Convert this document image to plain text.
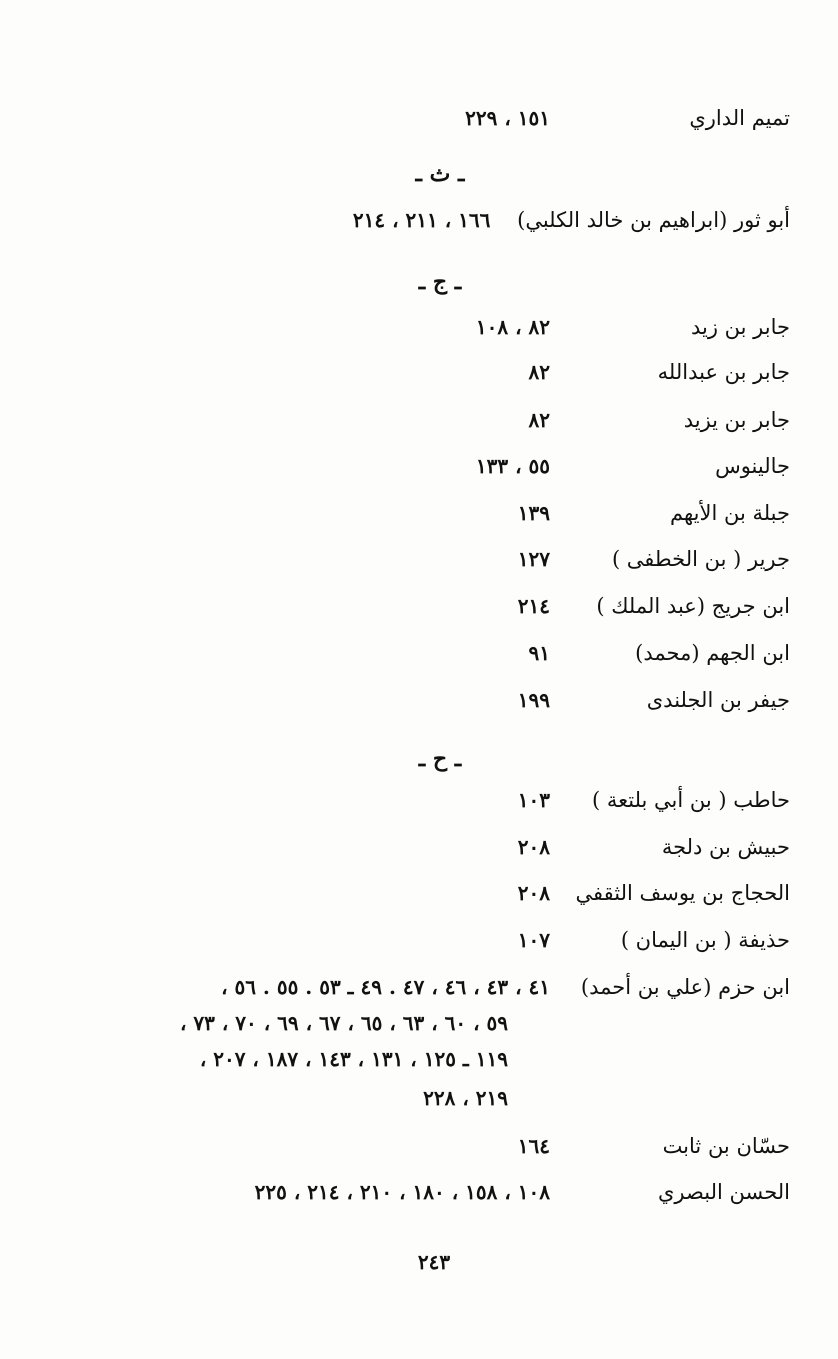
تميم الداري
١٥١ ، ٢٢٩
ـ ث ـ
أبو ثور (ابراهيم بن خالد الكلبي)    ١٦٦ ، ٢١١ ، ٢١٤
ـ ج ـ
جابر بن زيد
٨٢ ، ١٠٨
جابر بن عبدالله
٨٢
جابر بن يزيد
٨٢
جالينوس
٥٥ ، ١٣٣
جبلة بن الأيهم
١٣٩
جرير ( بن الخطفى )
١٢٧
ابن جريج (عبد الملك )
٢١٤
ابن الجهم (محمد)
٩١
جيفر بن الجلندى
١٩٩
ـ ح ـ
حاطب ( بن أبي بلتعة )
١٠٣
حبيش بن دلجة
٢٠٨
الحجاج بن يوسف الثقفي
٢٠٨
حذيفة ( بن اليمان )
١٠٧
ابن حزم (علي بن أحمد)
٤١ ، ٤٣ ، ٤٦ ، ٤٧ . ٤٩ ـ ٥٣ . ٥٥ . ٥٦ ،
٥٩ ، ٦٠ ، ٦٣ ، ٦٥ ، ٦٧ ، ٦٩ ، ٧٠ ، ٧٣ ،
١١٩ ـ ١٢٥ ، ١٣١ ، ١٤٣ ، ١٨٧ ، ٢٠٧ ،
٢١٩ ، ٢٢٨
حسّان بن ثابت
١٦٤
الحسن البصري
١٠٨ ، ١٥٨ ، ١٨٠ ، ٢١٠ ، ٢١٤ ، ٢٢٥
٢٤٣
